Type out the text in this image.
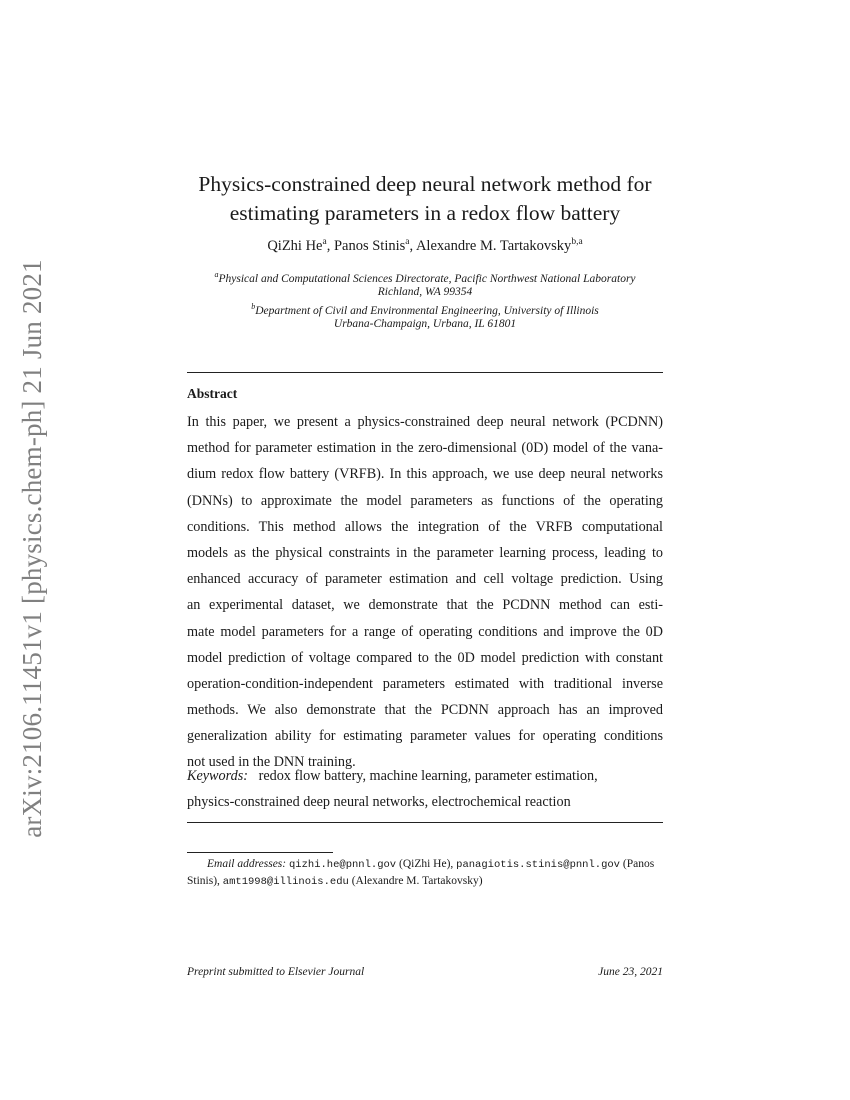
arXiv:2106.11451v1 [physics.chem-ph] 21 Jun 2021
Physics-constrained deep neural network method for
estimating parameters in a redox flow battery
QiZhi He$^a$, Panos Stinis$^a$, Alexandre M. Tartakovsky$^{b,a}$
$^a$Physical and Computational Sciences Directorate, Pacific Northwest National Laboratory
Richland, WA 99354
$^b$Department of Civil and Environmental Engineering, University of Illinois
Urbana-Champaign, Urbana, IL 61801
Abstract
In this paper, we present a physics-constrained deep neural network (PCDNN)
method for parameter estimation in the zero-dimensional (0D) model of the vana-
dium redox flow battery (VRFB). In this approach, we use deep neural networks
(DNNs) to approximate the model parameters as functions of the operating
conditions. This method allows the integration of the VRFB computational
models as the physical constraints in the parameter learning process, leading to
enhanced accuracy of parameter estimation and cell voltage prediction. Using
an experimental dataset, we demonstrate that the PCDNN method can esti-
mate model parameters for a range of operating conditions and improve the 0D
model prediction of voltage compared to the 0D model prediction with constant
operation-condition-independent parameters estimated with traditional inverse
methods. We also demonstrate that the PCDNN approach has an improved
generalization ability for estimating parameter values for operating conditions
not used in the DNN training.
Keywords: redox flow battery, machine learning, parameter estimation,
physics-constrained deep neural networks, electrochemical reaction
Email addresses: qizhi.he@pnnl.gov (QiZhi He), panagiotis.stinis@pnnl.gov (Panos
Stinis), amt1998@illinois.edu (Alexandre M. Tartakovsky)
Preprint submitted to Elsevier Journal	June 23, 2021
